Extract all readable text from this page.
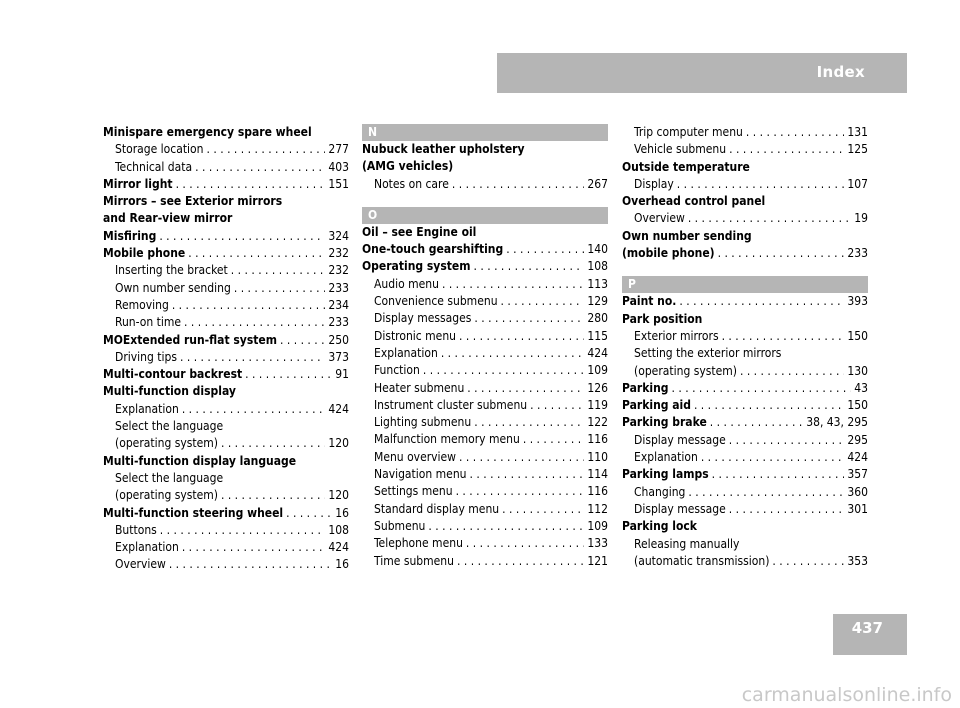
Index
Minispare emergency spare wheel
Storage location . . .	277
Technical data . . .	403
Mirror light . . .	151
Mirrors – see Exterior mirrors
and Rear-view mirror
Misfiring . . .	324
Mobile phone . . .	232
Inserting the bracket . . .	232
Own number sending . . .	233
Removing . . .	234
Run-on time . . .	233
MOExtended run-flat system . . .	250
Driving tips . . .	373
Multi-contour backrest . . .	91
Multi-function display
Explanation . . .	424
Select the language
(operating system) . . .	120
Multi-function display language
Select the language
(operating system) . . .	120
Multi-function steering wheel . . .	16
Buttons . . .	108
Explanation . . .	424
Overview . . .	16
N
Nubuck leather upholstery
(AMG vehicles)
Notes on care . . .	267
O
Oil – see Engine oil
One-touch gearshifting . . .	140
Operating system . . .	108
Audio menu . . .	113
Convenience submenu . . .	129
Display messages . . .	280
Distronic menu . . .	115
Explanation . . .	424
Function . . .	109
Heater submenu . . .	126
Instrument cluster submenu . . .	119
Lighting submenu . . .	122
Malfunction memory menu . . .	116
Menu overview . . .	110
Navigation menu . . .	114
Settings menu . . .	116
Standard display menu . . .	112
Submenu . . .	109
Telephone menu . . .	133
Time submenu . . .	121
Trip computer menu . . .	131
Vehicle submenu . . .	125
Outside temperature
Display . . .	107
Overhead control panel
Overview . . .	19
Own number sending
(mobile phone) . . .	233
P
Paint no. . . .	393
Park position
Exterior mirrors . . .	150
Setting the exterior mirrors
(operating system) . . .	130
Parking . . .	43
Parking aid . . .	150
Parking brake . . .	38, 43, 295
Display message . . .	295
Explanation . . .	424
Parking lamps . . .	357
Changing . . .	360
Display message . . .	301
Parking lock
Releasing manually
(automatic transmission) . . .	353
437
carmanualsonline.info
